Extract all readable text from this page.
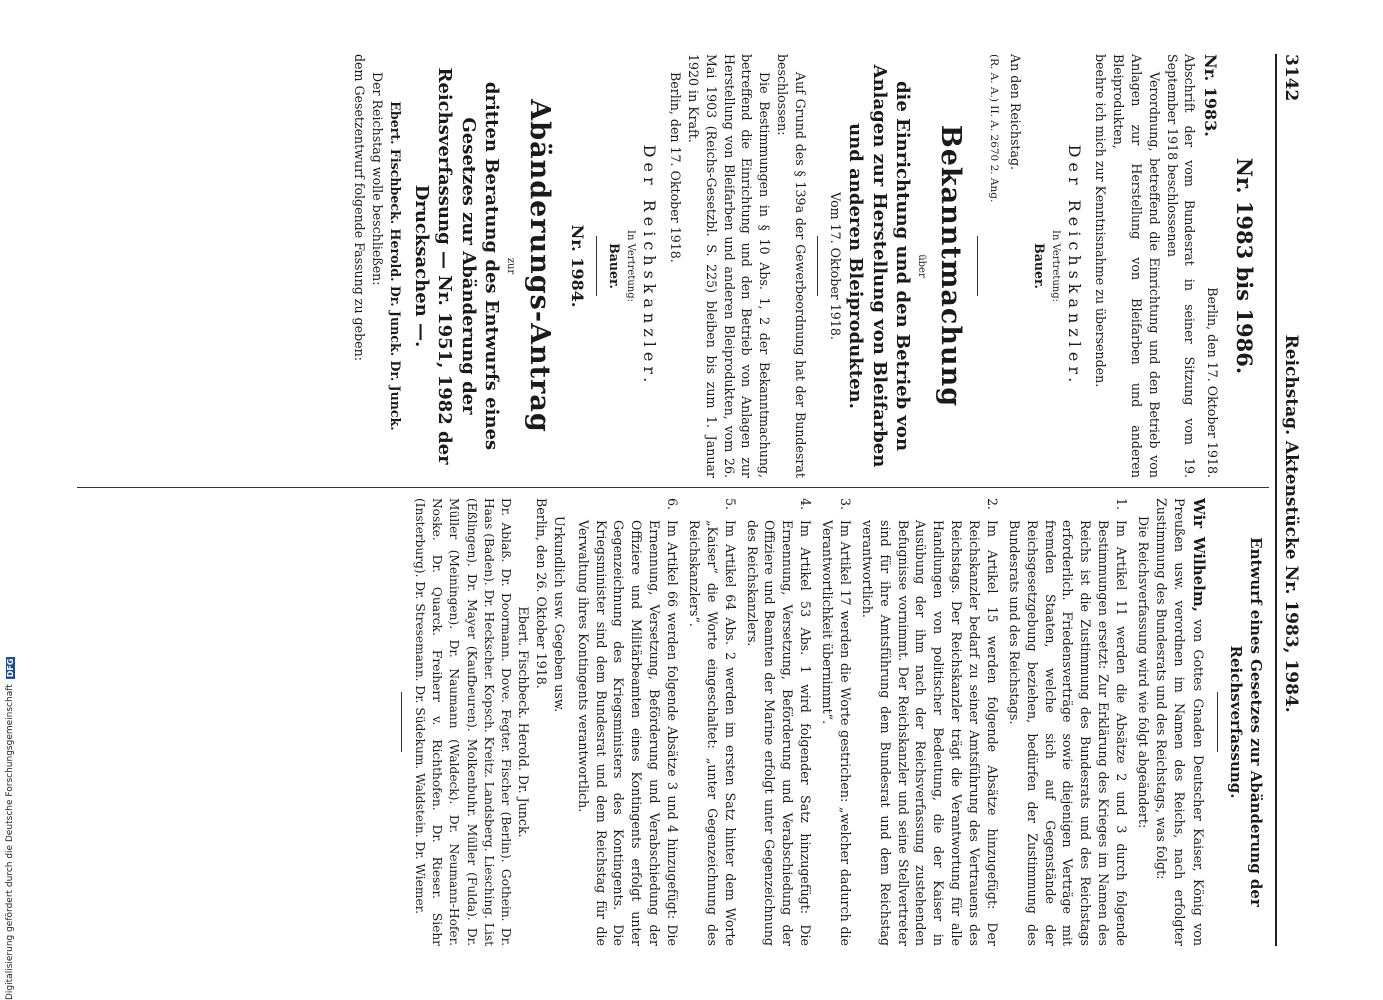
3142
Reichstag. Aktenstücke Nr. 1983, 1984.
Nr. 1983 bis 1986.
Nr. 1983.
Berlin, den 17. Oktober 1918.

Abschrift der vom Bundesrat in seiner Sitzung vom 19. September 1918 beschlossenen

Verordnung, betreffend die Einrichtung und den Betrieb von Anlagen zur Herstellung von Bleifarben und anderen Bleiprodukten,

beehre ich mich zur Kenntnisnahme zu übersenden.

Der Reichskanzler.
In Vertretung:
Bauer.

An den Reichstag.

(R. A. A.) II. A. 2670 2. Ang.

Bekanntmachung
über
die Einrichtung und den Betrieb von Anlagen zur Herstellung von Bleifarben und anderen Bleiprodukten.
Vom 17. Oktober 1918.

Auf Grund des § 139a der Gewerbeordnung hat der Bundesrat beschlossen:

Die Bestimmungen in § 10 Abs. 1, 2 der Bekanntmachung, betreffend die Einrichtung und den Betrieb von Anlagen zur Herstellung von Bleifarben und anderen Bleiprodukten, vom 26. Mai 1903 (Reichs-Gesetzbl. S. 225) bleiben bis zum 1. Januar 1920 in Kraft.

Berlin, den 17. Oktober 1918.

Der Reichskanzler.
In Vertretung:
Bauer.
Nr. 1984.
Abänderungs-Antrag
zur
dritten Beratung des Entwurfs eines Gesetzes zur Abänderung der Reichsverfassung — Nr. 1951, 1982 der Drucksachen —.

Ebert. Fischbeck. Herold. Dr. Junck. Dr. Junck.

Der Reichstag wolle beschließen:

dem Gesetzentwurf folgende Fassung zu geben:

Entwurf eines Gesetzes zur Abänderung der Reichsverfassung.

Wir Wilhelm, von Gottes Gnaden Deutscher Kaiser, König von Preußen usw. verordnen im Namen des Reichs, nach erfolgter Zustimmung des Bundesrats und des Reichstags, was folgt:

Die Reichsverfassung wird wie folgt abgeändert:

1.
Im Artikel 11 werden die Absätze 2 und 3 durch folgende Bestimmungen ersetzt: Zur Erklärung des Krieges im Namen des Reichs ist die Zustimmung des Bundesrats und des Reichstags erforderlich. Friedensverträge sowie diejenigen Verträge mit fremden Staaten, welche sich auf Gegenstände der Reichsgesetzgebung beziehen, bedürfen der Zustimmung des Bundesrats und des Reichstags.
2.
Im Artikel 15 werden folgende Absätze hinzugefügt: Der Reichskanzler bedarf zu seiner Amtsführung des Vertrauens des Reichstags. Der Reichskanzler trägt die Verantwortung für alle Handlungen von politischer Bedeutung, die der Kaiser in Ausübung der ihm nach der Reichsverfassung zustehenden Befugnisse vornimmt. Der Reichskanzler und seine Stellvertreter sind für ihre Amtsführung dem Bundesrat und dem Reichstag verantwortlich.
3.
Im Artikel 17 werden die Worte gestrichen: „welcher dadurch die Verantwortlichkeit übernimmt“.
4.
Im Artikel 53 Abs. 1 wird folgender Satz hinzugefügt: Die Ernennung, Versetzung, Beförderung und Verabschiedung der Offiziere und Beamten der Marine erfolgt unter Gegenzeichnung des Reichskanzlers.
5.
Im Artikel 64 Abs. 2 werden im ersten Satz hinter dem Worte „Kaiser“ die Worte eingeschaltet: „unter Gegenzeichnung des Reichskanzlers“.
6.
Im Artikel 66 werden folgende Absätze 3 und 4 hinzugefügt: Die Ernennung, Versetzung, Beförderung und Verabschiedung der Offiziere und Militärbeamten eines Kontingents erfolgt unter Gegenzeichnung des Kriegsministers des Kontingents. Die Kriegsminister sind dem Bundesrat und dem Reichstag für die Verwaltung ihres Kontingents verantwortlich.

Urkundlich usw. Gegeben usw.

Berlin, den 26. Oktober 1918.

Ebert. Fischbeck. Herold. Dr. Junck.

Dr. Ablaß. Dr. Doormann. Dove. Fegter. Fischer (Berlin). Gothein. Dr. Haas (Baden). Dr. Heckscher. Kopsch. Kreitz. Landsberg. Liesching. List (Eßlingen). Dr. Mayer (Kaufbeuren). Molkenbuhr. Müller (Fulda). Dr. Müller (Meiningen). Dr. Naumann (Waldeck). Dr. Neumann-Hofer. Noske. Dr. Quarck. Freiherr v. Richthofen. Dr. Rieser. Siehr (Insterburg). Dr. Stresemann. Dr. Südekum. Waldstein. Dr. Wiemer.

Digitalisierung gefördert durch die Deutsche Forschungsgemeinschaft
DFG
